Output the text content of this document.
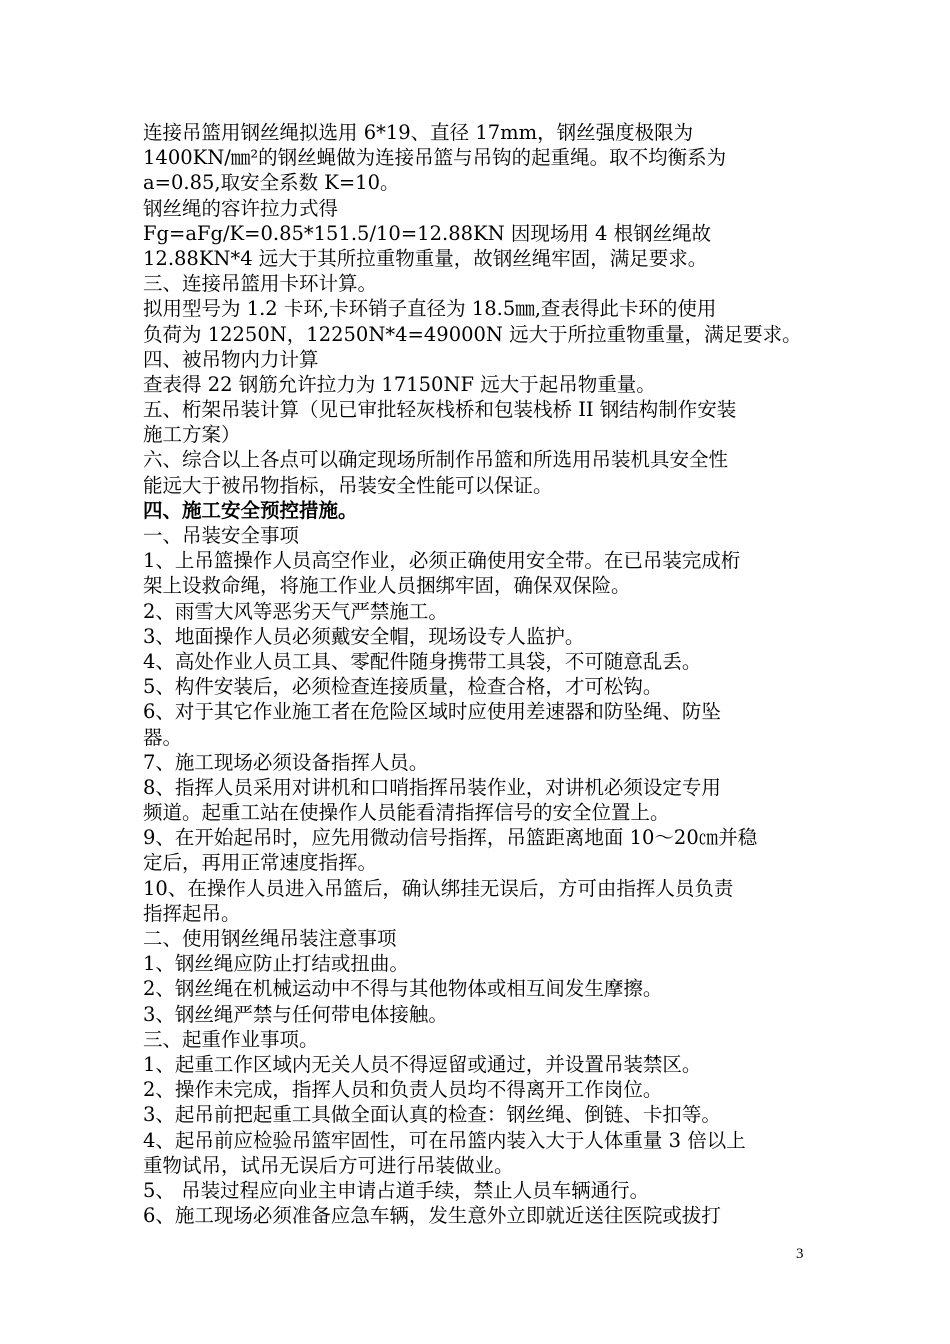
连接吊篮用钢丝绳拟选用 6*19、直径 17mm，钢丝强度极限为
1400KN/㎜²的钢丝蝇做为连接吊篮与吊钩的起重绳。取不均衡系为
a=0.85,取安全系数 K=10。
钢丝绳的容许拉力式得
Fg=aFg/K=0.85*151.5/10=12.88KN 因现场用 4 根钢丝绳故
12.88KN*4 远大于其所拉重物重量，故钢丝绳牢固，满足要求。
三、连接吊篮用卡环计算。
拟用型号为 1.2 卡环,卡环销子直径为 18.5㎜,查表得此卡环的使用
负荷为 12250N，12250N*4=49000N 远大于所拉重物重量，满足要求。
四、被吊物内力计算
查表得 22 钢筋允许拉力为 17150NF 远大于起吊物重量。
五、桁架吊装计算（见已审批轻灰栈桥和包装栈桥 II 钢结构制作安装
施工方案）
六、综合以上各点可以确定现场所制作吊篮和所选用吊装机具安全性
能远大于被吊物指标，吊装安全性能可以保证。
四、施工安全预控措施。
一、吊装安全事项
1、上吊篮操作人员高空作业，必须正确使用安全带。在已吊装完成桁
架上设救命绳，将施工作业人员捆绑牢固，确保双保险。
2、雨雪大风等恶劣天气严禁施工。
3、地面操作人员必须戴安全帽，现场设专人监护。
4、高处作业人员工具、零配件随身携带工具袋，不可随意乱丢。
5、构件安装后，必须检查连接质量，检查合格，才可松钩。
6、对于其它作业施工者在危险区域时应使用差速器和防坠绳、防坠
器。
7、施工现场必须设备指挥人员。
8、指挥人员采用对讲机和口哨指挥吊装作业，对讲机必须设定专用
频道。起重工站在使操作人员能看清指挥信号的安全位置上。
9、在开始起吊时，应先用微动信号指挥，吊篮距离地面 10～20㎝并稳
定后，再用正常速度指挥。
10、在操作人员进入吊篮后，确认绑挂无误后，方可由指挥人员负责
指挥起吊。
二、使用钢丝绳吊装注意事项
1、钢丝绳应防止打结或扭曲。
2、钢丝绳在机械运动中不得与其他物体或相互间发生摩擦。
3、钢丝绳严禁与任何带电体接触。
三、起重作业事项。
1、起重工作区域内无关人员不得逗留或通过，并设置吊装禁区。
2、操作未完成，指挥人员和负责人员均不得离开工作岗位。
3、起吊前把起重工具做全面认真的检查：钢丝绳、倒链、卡扣等。
4、起吊前应检验吊篮牢固性，可在吊篮内装入大于人体重量 3 倍以上
重物试吊，试吊无误后方可进行吊装做业。
5、 吊装过程应向业主申请占道手续，禁止人员车辆通行。
6、施工现场必须准备应急车辆，发生意外立即就近送往医院或拔打
3
